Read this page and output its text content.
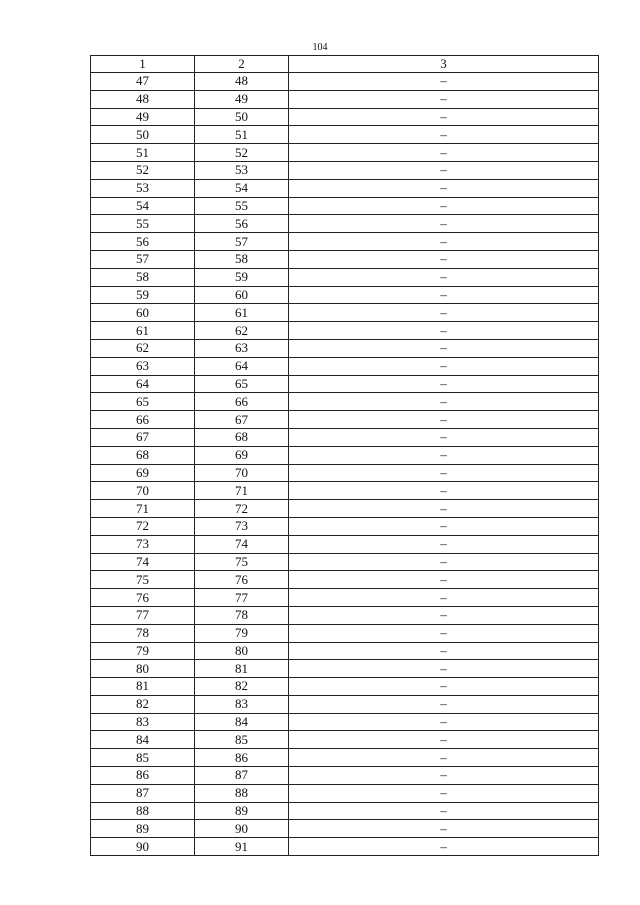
104
1	2	3
47	48	–
48	49	–
49	50	–
50	51	–
51	52	–
52	53	–
53	54	–
54	55	–
55	56	–
56	57	–
57	58	–
58	59	–
59	60	–
60	61	–
61	62	–
62	63	–
63	64	–
64	65	–
65	66	–
66	67	–
67	68	–
68	69	–
69	70	–
70	71	–
71	72	–
72	73	–
73	74	–
74	75	–
75	76	–
76	77	–
77	78	–
78	79	–
79	80	–
80	81	–
81	82	–
82	83	–
83	84	–
84	85	–
85	86	–
86	87	–
87	88	–
88	89	–
89	90	–
90	91	–
